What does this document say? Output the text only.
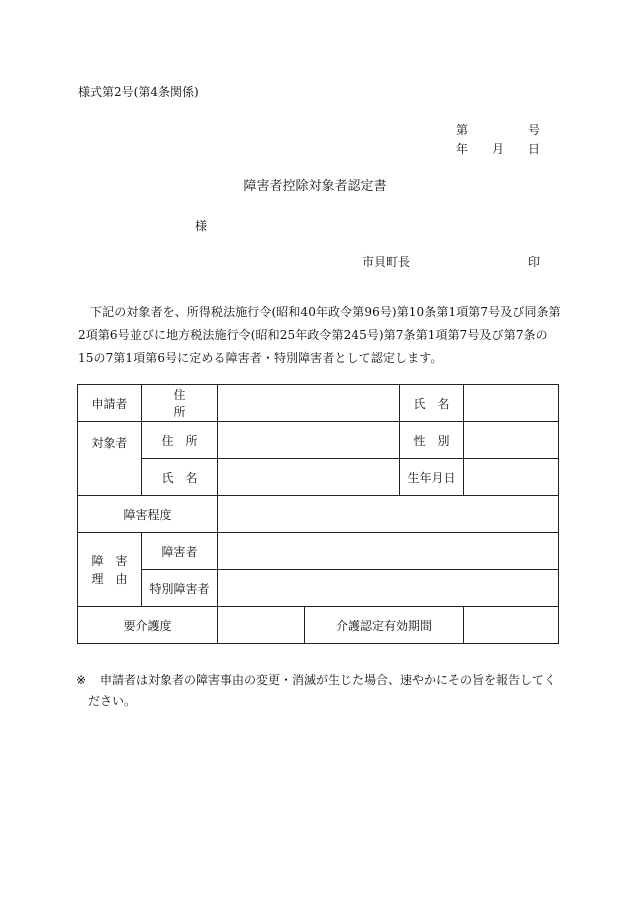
様式第2号(第4条関係)
第	号
年 月 日
障害者控除対象者認定書
様
市貝町長	印
下記の対象者を、所得税法施行令(昭和40年政令第96号)第10条第1項第7号及び同条第2項第6号並びに地方税法施行令(昭和25年政令第245号)第7条第1項第7号及び第7条の15の7第1項第6号に定める障害者・特別障害者として認定します。
申請者	住　所			氏　名	
対象者	住　所			性　別	
	氏　名			生年月日	
障害程度					
障　害
理　由	障害者				
	特別障害者				
要介護度			介護認定有効期間		
※ 申請者は対象者の障害事由の変更・消滅が生じた場合、速やかにその旨を報告してく
ださい。
